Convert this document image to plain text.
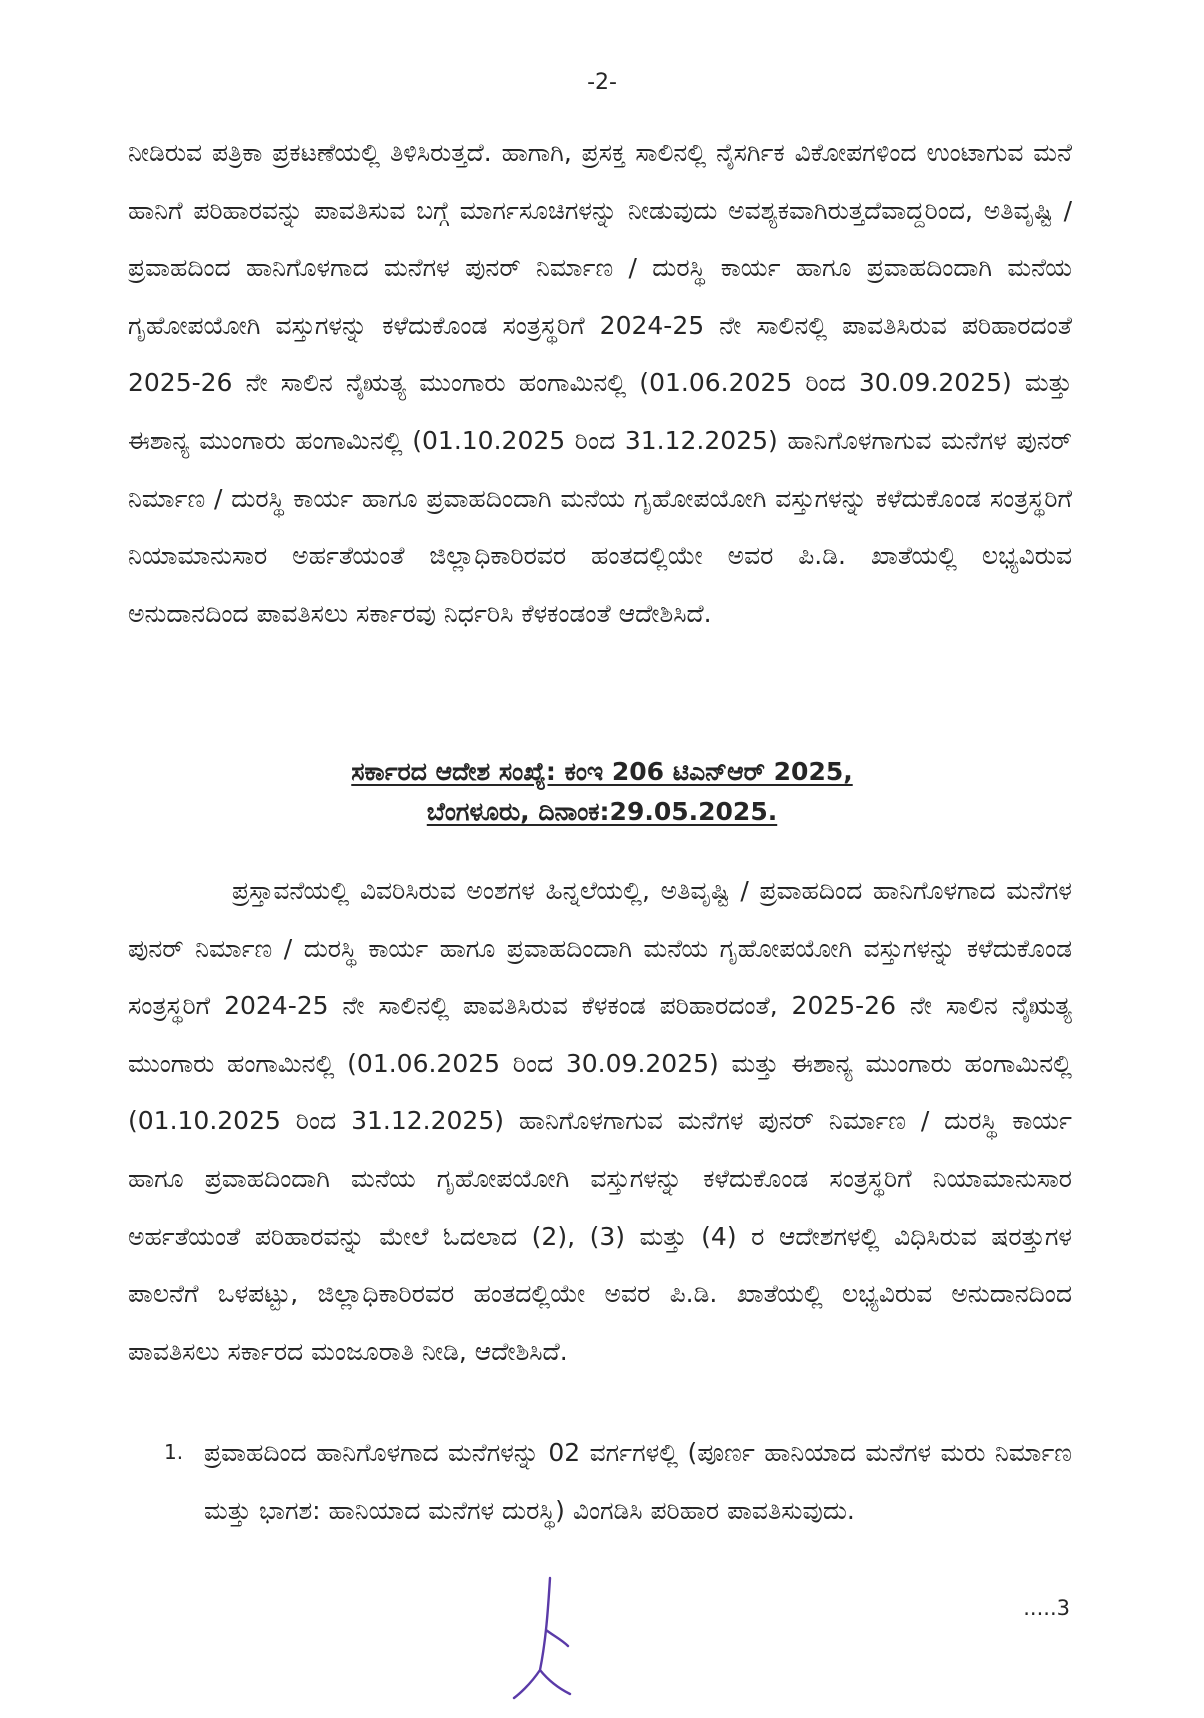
-2-

ನೀಡಿರುವ ಪತ್ರಿಕಾ ಪ್ರಕಟಣೆಯಲ್ಲಿ ತಿಳಿಸಿರುತ್ತದೆ. ಹಾಗಾಗಿ, ಪ್ರಸಕ್ತ ಸಾಲಿನಲ್ಲಿ ನೈಸರ್ಗಿಕ ವಿಕೋಪಗಳಿಂದ ಉಂಟಾಗುವ ಮನೆ ಹಾನಿಗೆ ಪರಿಹಾರವನ್ನು ಪಾವತಿಸುವ ಬಗ್ಗೆ ಮಾರ್ಗಸೂಚಿಗಳನ್ನು ನೀಡುವುದು ಅವಶ್ಯಕವಾಗಿರುತ್ತದೆವಾದ್ದರಿಂದ, ಅತಿವೃಷ್ಟಿ / ಪ್ರವಾಹದಿಂದ ಹಾನಿಗೊಳಗಾದ ಮನೆಗಳ ಪುನರ್ ನಿರ್ಮಾಣ / ದುರಸ್ಥಿ ಕಾರ್ಯ ಹಾಗೂ ಪ್ರವಾಹದಿಂದಾಗಿ ಮನೆಯ ಗೃಹೋಪಯೋಗಿ ವಸ್ತುಗಳನ್ನು ಕಳೆದುಕೊಂಡ ಸಂತ್ರಸ್ಥರಿಗೆ 2024-25 ನೇ ಸಾಲಿನಲ್ಲಿ ಪಾವತಿಸಿರುವ ಪರಿಹಾರದಂತೆ 2025-26 ನೇ ಸಾಲಿನ ನೈಋತ್ಯ ಮುಂಗಾರು ಹಂಗಾಮಿನಲ್ಲಿ (01.06.2025 ರಿಂದ 30.09.2025) ಮತ್ತು ಈಶಾನ್ಯ ಮುಂಗಾರು ಹಂಗಾಮಿನಲ್ಲಿ (01.10.2025 ರಿಂದ 31.12.2025) ಹಾನಿಗೊಳಗಾಗುವ ಮನೆಗಳ ಪುನರ್ ನಿರ್ಮಾಣ / ದುರಸ್ಥಿ ಕಾರ್ಯ ಹಾಗೂ ಪ್ರವಾಹದಿಂದಾಗಿ ಮನೆಯ ಗೃಹೋಪಯೋಗಿ ವಸ್ತುಗಳನ್ನು ಕಳೆದುಕೊಂಡ ಸಂತ್ರಸ್ಥರಿಗೆ ನಿಯಾಮಾನುಸಾರ ಅರ್ಹತೆಯಂತೆ ಜಿಲ್ಲಾಧಿಕಾರಿರವರ ಹಂತದಲ್ಲಿಯೇ ಅವರ ಪಿ.ಡಿ. ಖಾತೆಯಲ್ಲಿ ಲಭ್ಯವಿರುವ ಅನುದಾನದಿಂದ ಪಾವತಿಸಲು ಸರ್ಕಾರವು ನಿರ್ಧರಿಸಿ ಕೆಳಕಂಡಂತೆ ಆದೇಶಿಸಿದೆ.

ಸರ್ಕಾರದ ಆದೇಶ ಸಂಖ್ಯೆ: ಕಂಇ 206 ಟಿಎನ್ಆರ್ 2025,
ಬೆಂಗಳೂರು, ದಿನಾಂಕ:29.05.2025.

ಪ್ರಸ್ತಾವನೆಯಲ್ಲಿ ವಿವರಿಸಿರುವ ಅಂಶಗಳ ಹಿನ್ನಲೆಯಲ್ಲಿ, ಅತಿವೃಷ್ಟಿ / ಪ್ರವಾಹದಿಂದ ಹಾನಿಗೊಳಗಾದ ಮನೆಗಳ ಪುನರ್ ನಿರ್ಮಾಣ / ದುರಸ್ಥಿ ಕಾರ್ಯ ಹಾಗೂ ಪ್ರವಾಹದಿಂದಾಗಿ ಮನೆಯ ಗೃಹೋಪಯೋಗಿ ವಸ್ತುಗಳನ್ನು ಕಳೆದುಕೊಂಡ ಸಂತ್ರಸ್ಥರಿಗೆ 2024-25 ನೇ ಸಾಲಿನಲ್ಲಿ ಪಾವತಿಸಿರುವ ಕೆಳಕಂಡ ಪರಿಹಾರದಂತೆ, 2025-26 ನೇ ಸಾಲಿನ ನೈಋತ್ಯ ಮುಂಗಾರು ಹಂಗಾಮಿನಲ್ಲಿ (01.06.2025 ರಿಂದ 30.09.2025) ಮತ್ತು ಈಶಾನ್ಯ ಮುಂಗಾರು ಹಂಗಾಮಿನಲ್ಲಿ (01.10.2025 ರಿಂದ 31.12.2025) ಹಾನಿಗೊಳಗಾಗುವ ಮನೆಗಳ ಪುನರ್ ನಿರ್ಮಾಣ / ದುರಸ್ಥಿ ಕಾರ್ಯ ಹಾಗೂ ಪ್ರವಾಹದಿಂದಾಗಿ ಮನೆಯ ಗೃಹೋಪಯೋಗಿ ವಸ್ತುಗಳನ್ನು ಕಳೆದುಕೊಂಡ ಸಂತ್ರಸ್ಥರಿಗೆ ನಿಯಾಮಾನುಸಾರ ಅರ್ಹತೆಯಂತೆ ಪರಿಹಾರವನ್ನು ಮೇಲೆ ಓದಲಾದ (2), (3) ಮತ್ತು (4) ರ ಆದೇಶಗಳಲ್ಲಿ ವಿಧಿಸಿರುವ ಷರತ್ತುಗಳ ಪಾಲನೆಗೆ ಒಳಪಟ್ಟು, ಜಿಲ್ಲಾಧಿಕಾರಿರವರ ಹಂತದಲ್ಲಿಯೇ ಅವರ ಪಿ.ಡಿ. ಖಾತೆಯಲ್ಲಿ ಲಭ್ಯವಿರುವ ಅನುದಾನದಿಂದ ಪಾವತಿಸಲು ಸರ್ಕಾರದ ಮಂಜೂರಾತಿ ನೀಡಿ, ಆದೇಶಿಸಿದೆ.

1. ಪ್ರವಾಹದಿಂದ ಹಾನಿಗೊಳಗಾದ ಮನೆಗಳನ್ನು 02 ವರ್ಗಗಳಲ್ಲಿ (ಪೂರ್ಣ ಹಾನಿಯಾದ ಮನೆಗಳ ಮರು ನಿರ್ಮಾಣ ಮತ್ತು ಭಾಗಶ: ಹಾನಿಯಾದ ಮನೆಗಳ ದುರಸ್ಥಿ) ವಿಂಗಡಿಸಿ ಪರಿಹಾರ ಪಾವತಿಸುವುದು.
.....3
